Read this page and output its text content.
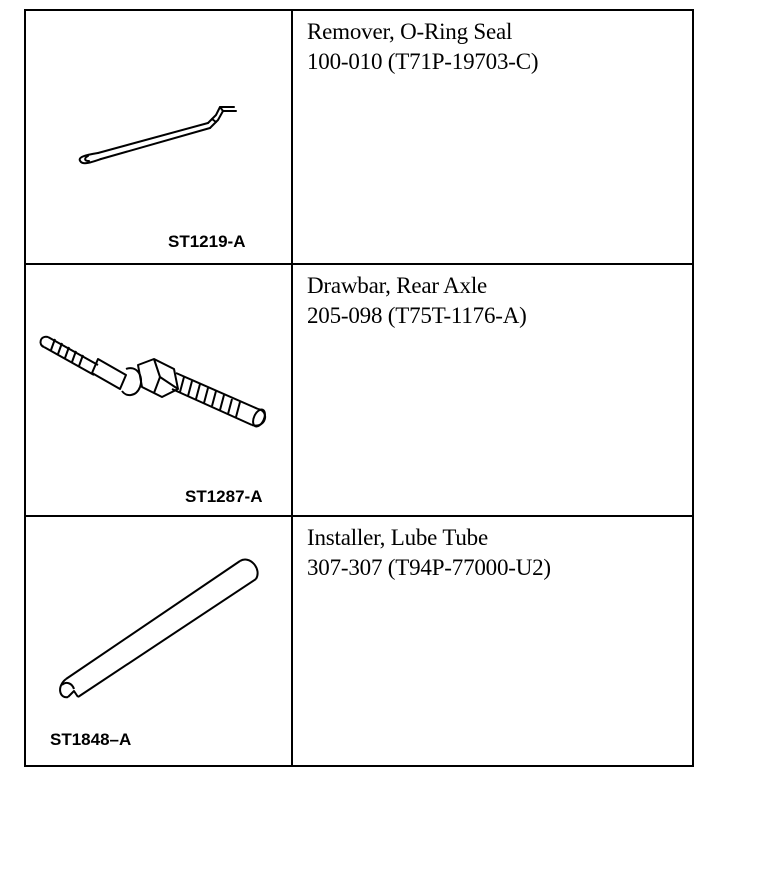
ST1219-A
Remover, O-Ring Seal
100-010 (T71P-19703-C)
ST1287-A
Drawbar, Rear Axle
205-098 (T75T-1176-A)
ST1848–A
Installer, Lube Tube
307-307 (T94P-77000-U2)
